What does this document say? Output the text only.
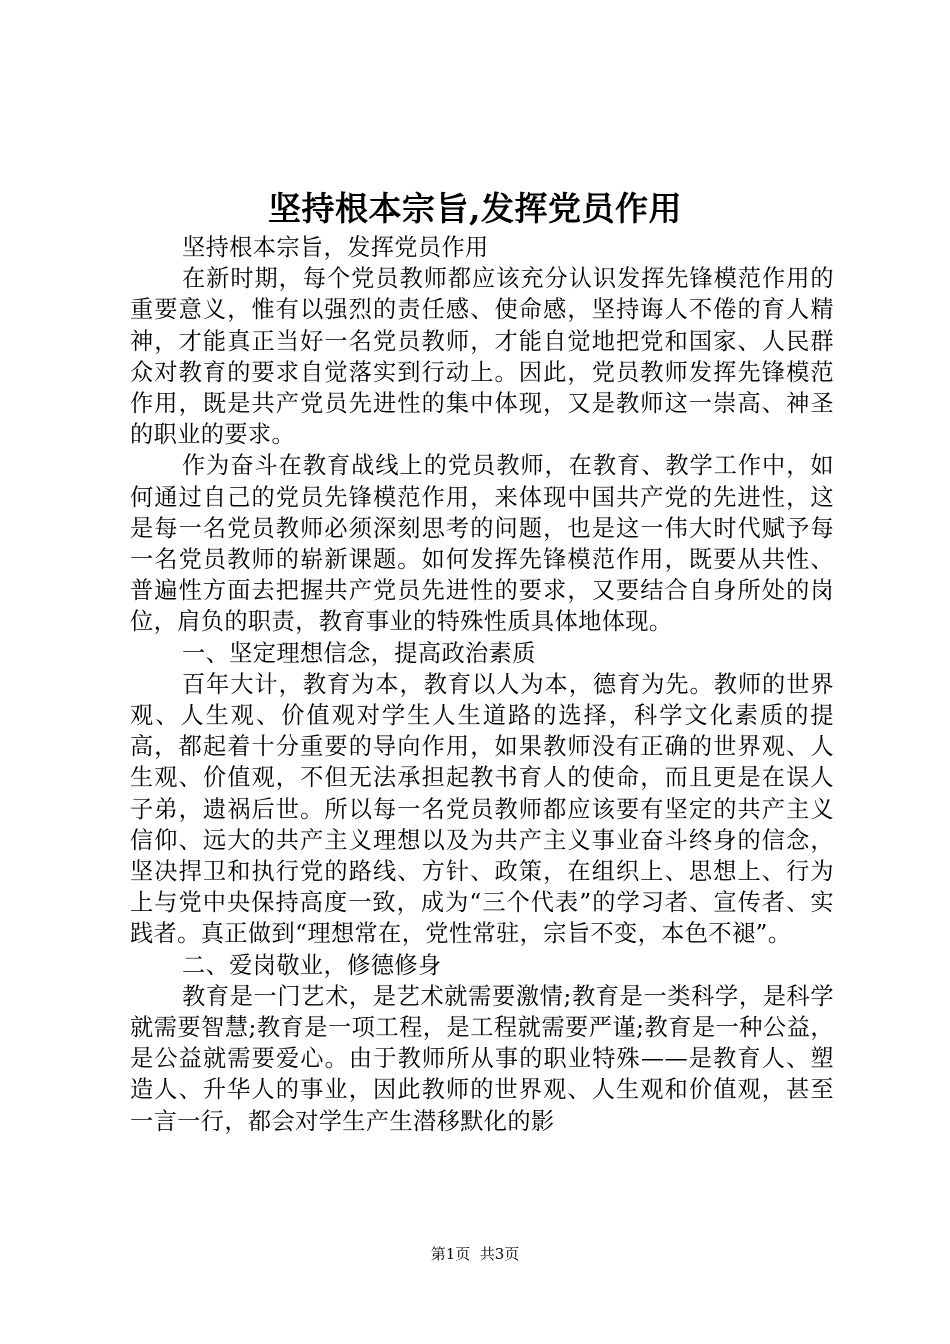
坚持根本宗旨,发挥党员作用

坚持根本宗旨，发挥党员作用

在新时期，每个党员教师都应该充分认识发挥先锋模范作用的重要意义，惟有以强烈的责任感、使命感，坚持诲人不倦的育人精神，才能真正当好一名党员教师，才能自觉地把党和国家、人民群众对教育的要求自觉落实到行动上。因此，党员教师发挥先锋模范作用，既是共产党员先进性的集中体现，又是教师这一崇高、神圣的职业的要求。

作为奋斗在教育战线上的党员教师，在教育、教学工作中，如何通过自己的党员先锋模范作用，来体现中国共产党的先进性，这是每一名党员教师必须深刻思考的问题，也是这一伟大时代赋予每一名党员教师的崭新课题。如何发挥先锋模范作用，既要从共性、普遍性方面去把握共产党员先进性的要求，又要结合自身所处的岗位，肩负的职责，教育事业的特殊性质具体地体现。

一、坚定理想信念，提高政治素质

百年大计，教育为本，教育以人为本，德育为先。教师的世界观、人生观、价值观对学生人生道路的选择，科学文化素质的提高，都起着十分重要的导向作用，如果教师没有正确的世界观、人生观、价值观，不但无法承担起教书育人的使命，而且更是在误人子弟，遗祸后世。所以每一名党员教师都应该要有坚定的共产主义信仰、远大的共产主义理想以及为共产主义事业奋斗终身的信念，坚决捍卫和执行党的路线、方针、政策，在组织上、思想上、行为上与党中央保持高度一致，成为“三个代表”的学习者、宣传者、实践者。真正做到“理想常在，党性常驻，宗旨不变，本色不褪”。

二、爱岗敬业，修德修身

教育是一门艺术，是艺术就需要激情;教育是一类科学，是科学就需要智慧;教育是一项工程，是工程就需要严谨;教育是一种公益，是公益就需要爱心。由于教师所从事的职业特殊——是教育人、塑造人、升华人的事业，因此教师的世界观、人生观和价值观，甚至一言一行，都会对学生产生潜移默化的影

第1页  共3页
